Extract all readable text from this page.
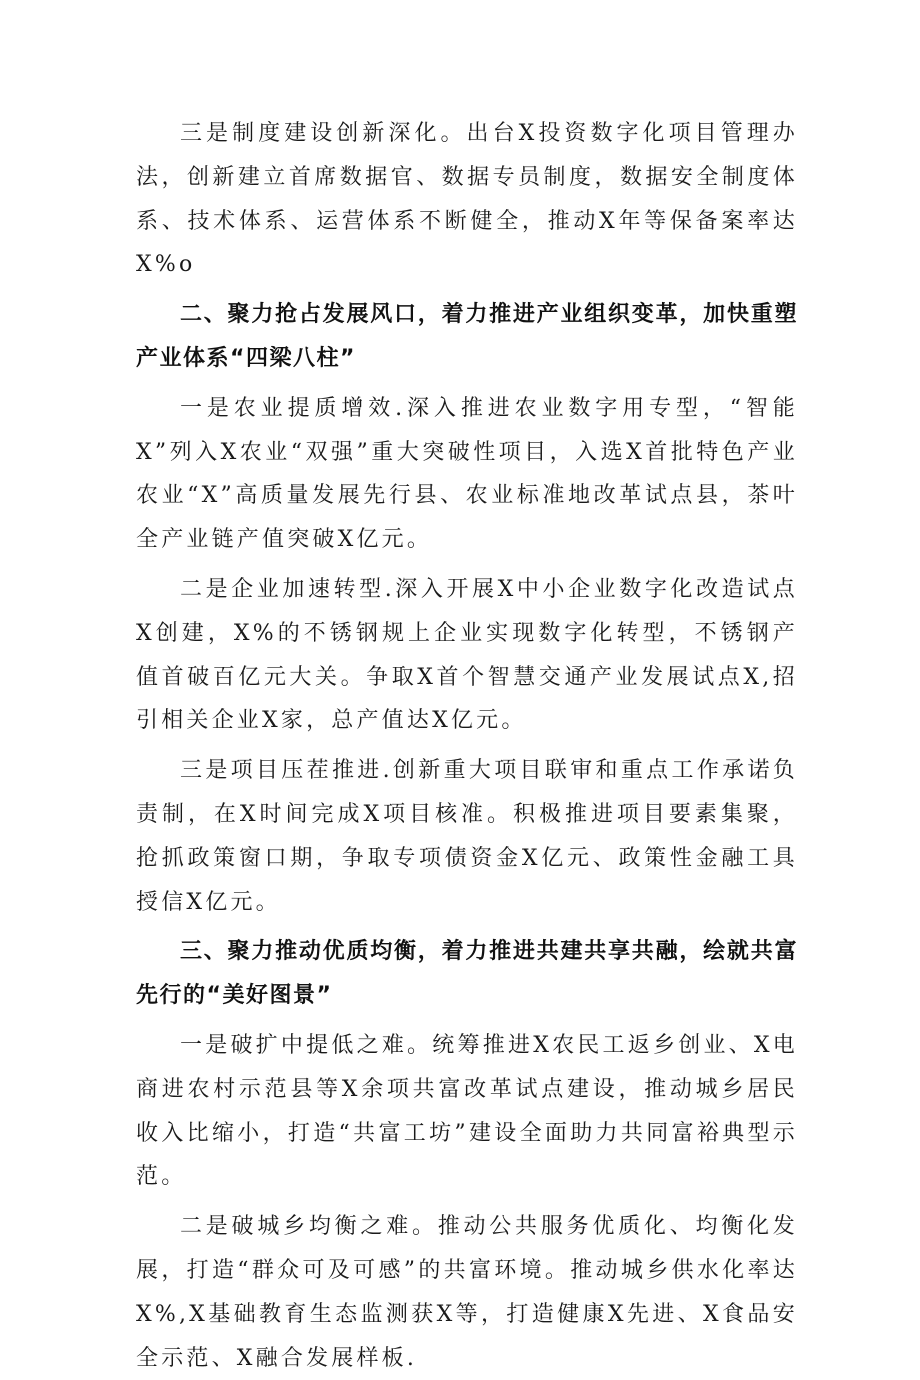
三是制度建设创新深化。出台X投资数字化项目管理办法，创新建立首席数据官、数据专员制度，数据安全制度体系、技术体系、运营体系不断健全，推动X年等保备案率达X%o

二、聚力抢占发展风口，着力推进产业组织变革，加快重塑产业体系“四梁八柱”

一是农业提质增效.深入推进农业数字用专型，“智能X”列入X农业“双强”重大突破性项目，入选X首批特色产业农业“X”高质量发展先行县、农业标准地改革试点县，茶叶全产业链产值突破X亿元。

二是企业加速转型.深入开展X中小企业数字化改造试点X创建，X%的不锈钢规上企业实现数字化转型，不锈钢产值首破百亿元大关。争取X首个智慧交通产业发展试点X,招引相关企业X家，总产值达X亿元。

三是项目压茬推进.创新重大项目联审和重点工作承诺负责制，在X时间完成X项目核准。积极推进项目要素集聚，抢抓政策窗口期，争取专项债资金X亿元、政策性金融工具授信X亿元。

三、聚力推动优质均衡，着力推进共建共享共融，绘就共富先行的“美好图景”

一是破扩中提低之难。统筹推进X农民工返乡创业、X电商进农村示范县等X余项共富改革试点建设，推动城乡居民收入比缩小，打造“共富工坊”建设全面助力共同富裕典型示范。

二是破城乡均衡之难。推动公共服务优质化、均衡化发展，打造“群众可及可感”的共富环境。推动城乡供水化率达X%,X基础教育生态监测获X等，打造健康X先进、X食品安全示范、X融合发展样板.
